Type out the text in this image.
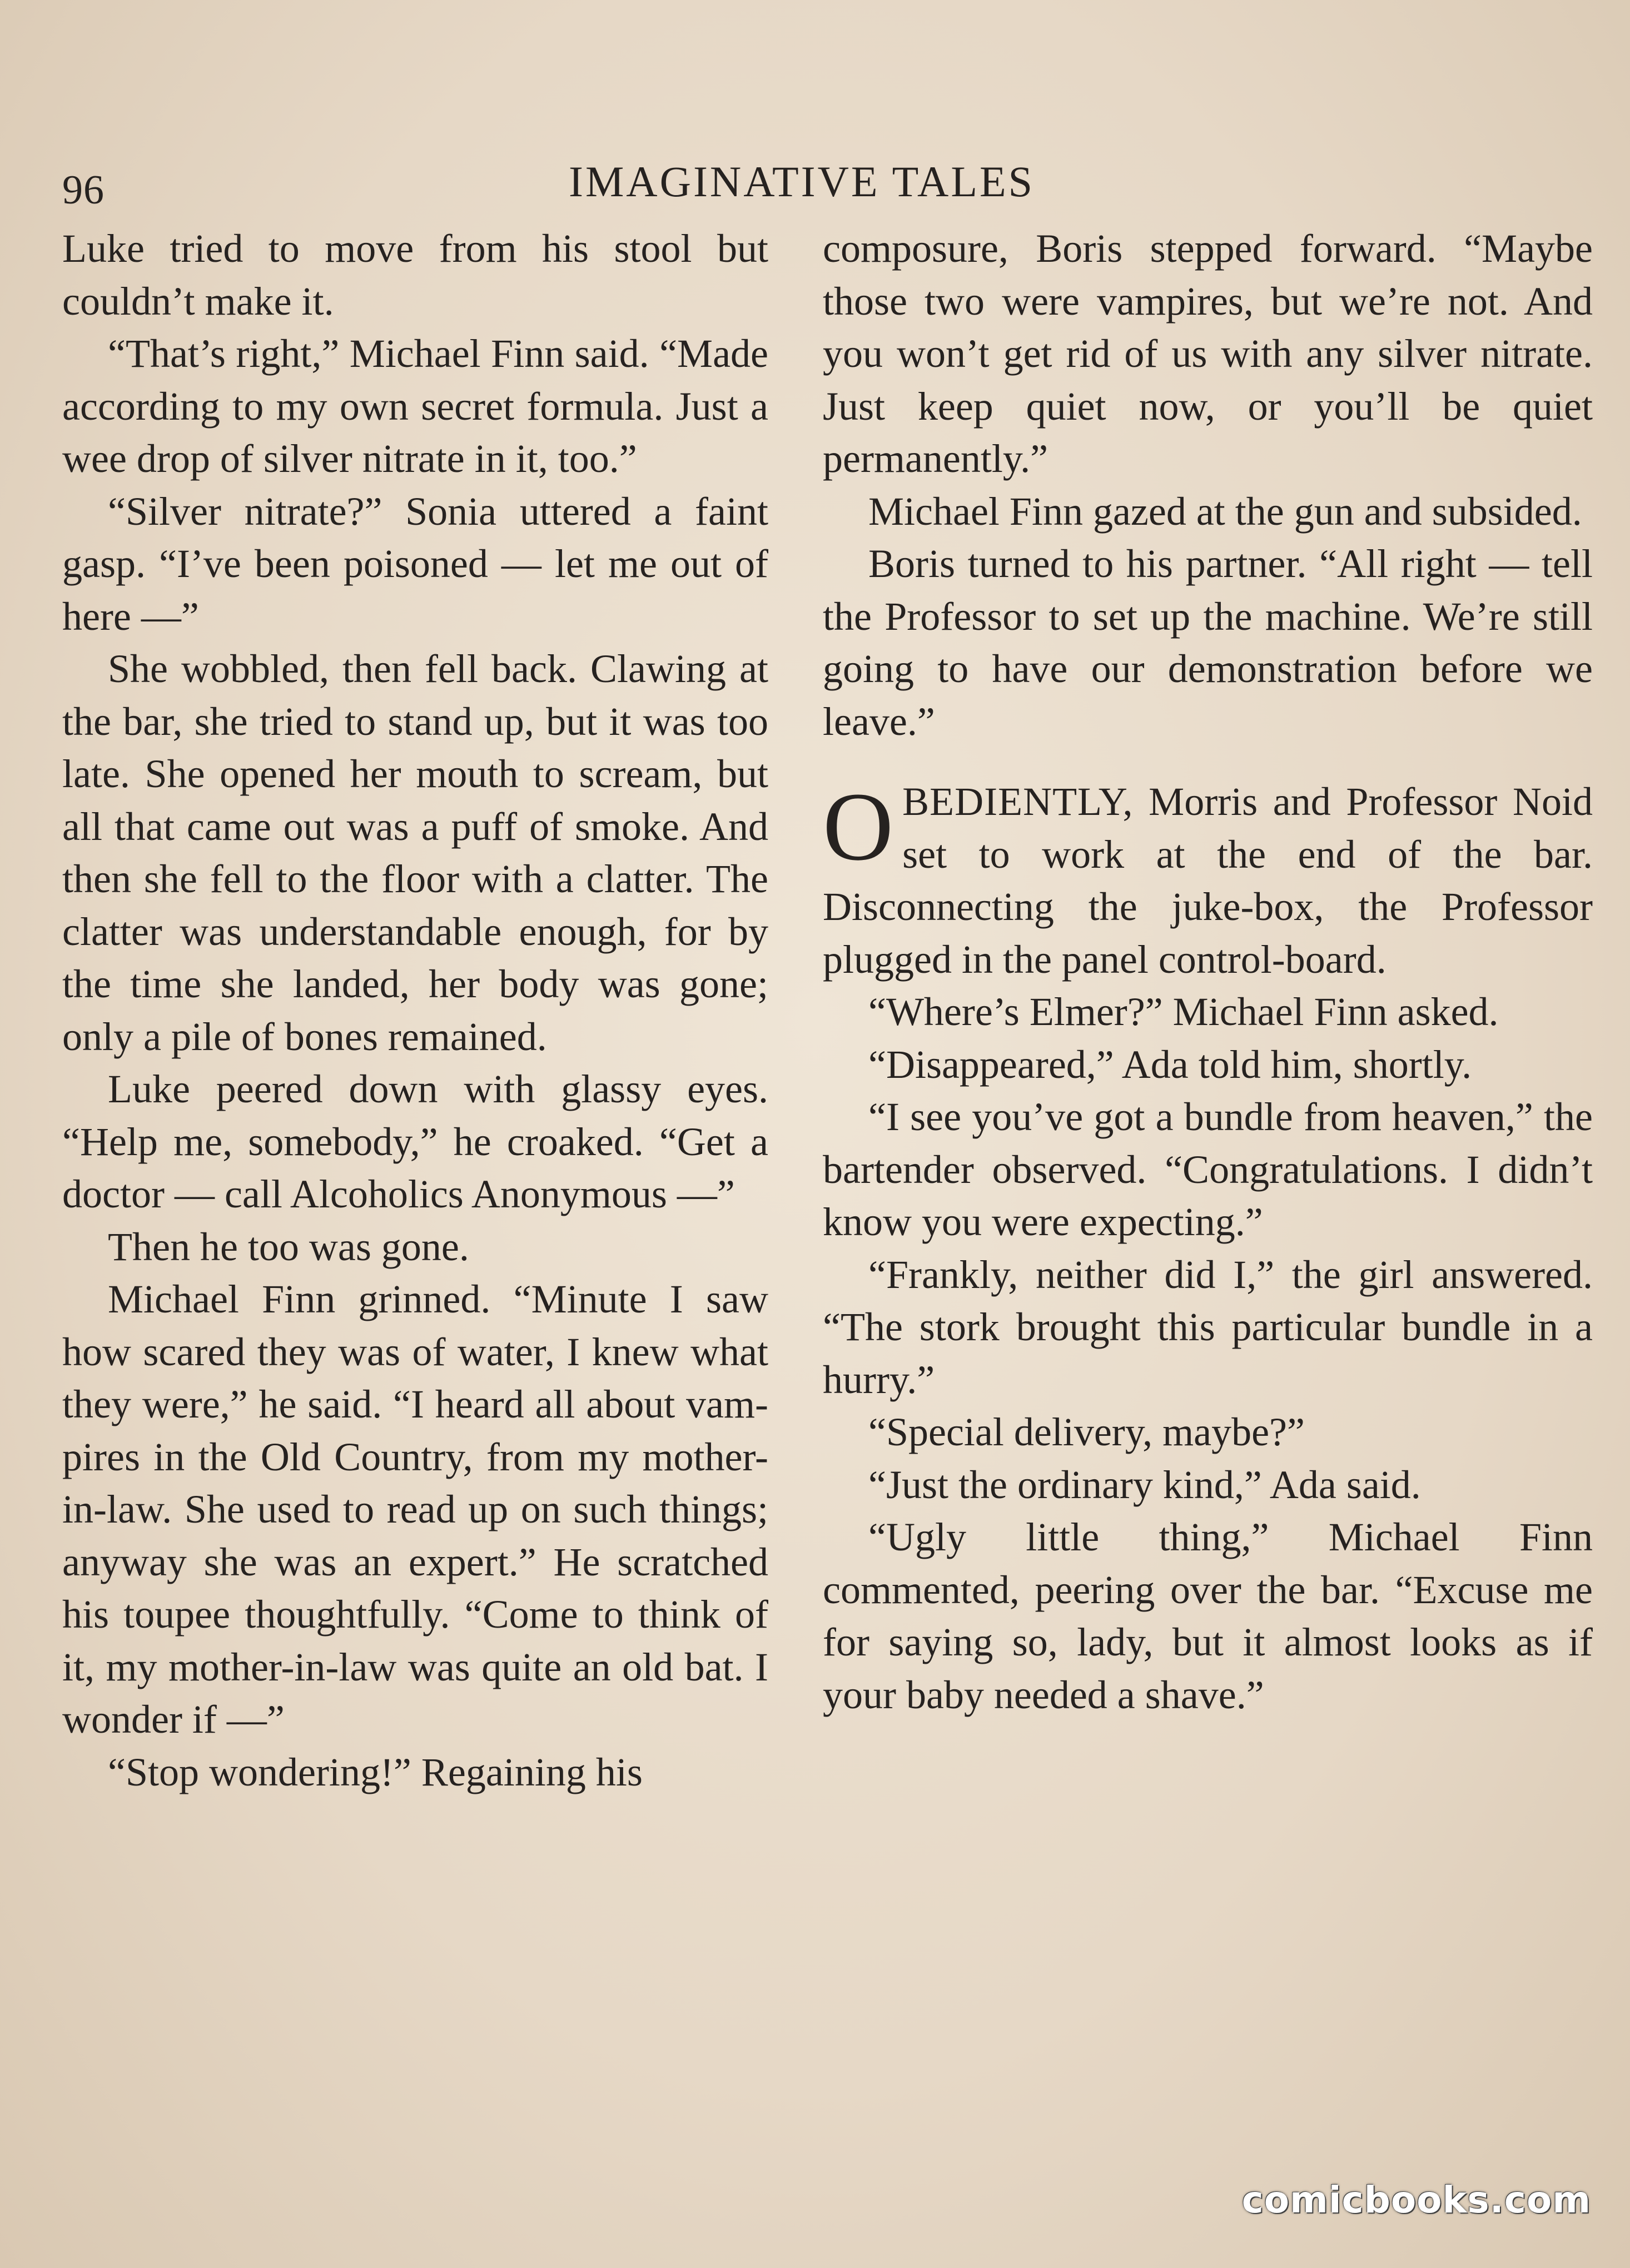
96	IMAGINATIVE TALES

Luke tried to move from his stool but couldn’t make it.

“That’s right,” Michael Finn said. “Made according to my own secret formula. Just a wee drop of silver nitrate in it, too.”

“Silver nitrate?” Sonia uttered a faint gasp. “I’ve been poisoned — let me out of here —”

She wobbled, then fell back. Clawing at the bar, she tried to stand up, but it was too late. She opened her mouth to scream, but all that came out was a puff of smoke. And then she fell to the floor with a clatter. The clatter was understandable enough, for by the time she landed, her body was gone; only a pile of bones remained.

Luke peered down with glassy eyes. “Help me, somebody,” he croaked. “Get a doctor — call Alcoholics Anonymous —”

Then he too was gone.

Michael Finn grinned. “Minute I saw how scared they was of water, I knew what they were,” he said. “I heard all about vampires in the Old Country, from my mother-in-law. She used to read up on such things; anyway she was an expert.” He scratched his toupee thoughtfully. “Come to think of it, my mother-in-law was quite an old bat. I wonder if —”

“Stop wondering!” Regaining his

composure, Boris stepped forward. “Maybe those two were vampires, but we’re not. And you won’t get rid of us with any silver nitrate. Just keep quiet now, or you’ll be quiet permanently.”

Michael Finn gazed at the gun and subsided.

Boris turned to his partner. “All right — tell the Professor to set up the machine. We’re still going to have our demonstration before we leave.”

OBEDIENTLY, Morris and Professor Noid set to work at the end of the bar. Disconnecting the juke-box, the Professor plugged in the panel control-board.

“Where’s Elmer?” Michael Finn asked.

“Disappeared,” Ada told him, shortly.

“I see you’ve got a bundle from heaven,” the bartender observed. “Congratulations. I didn’t know you were expecting.”

“Frankly, neither did I,” the girl answered. “The stork brought this particular bundle in a hurry.”

“Special delivery, maybe?”

“Just the ordinary kind,” Ada said.

“Ugly little thing,” Michael Finn commented, peering over the bar. “Excuse me for saying so, lady, but it almost looks as if your baby needed a shave.”

comicbooks.com
